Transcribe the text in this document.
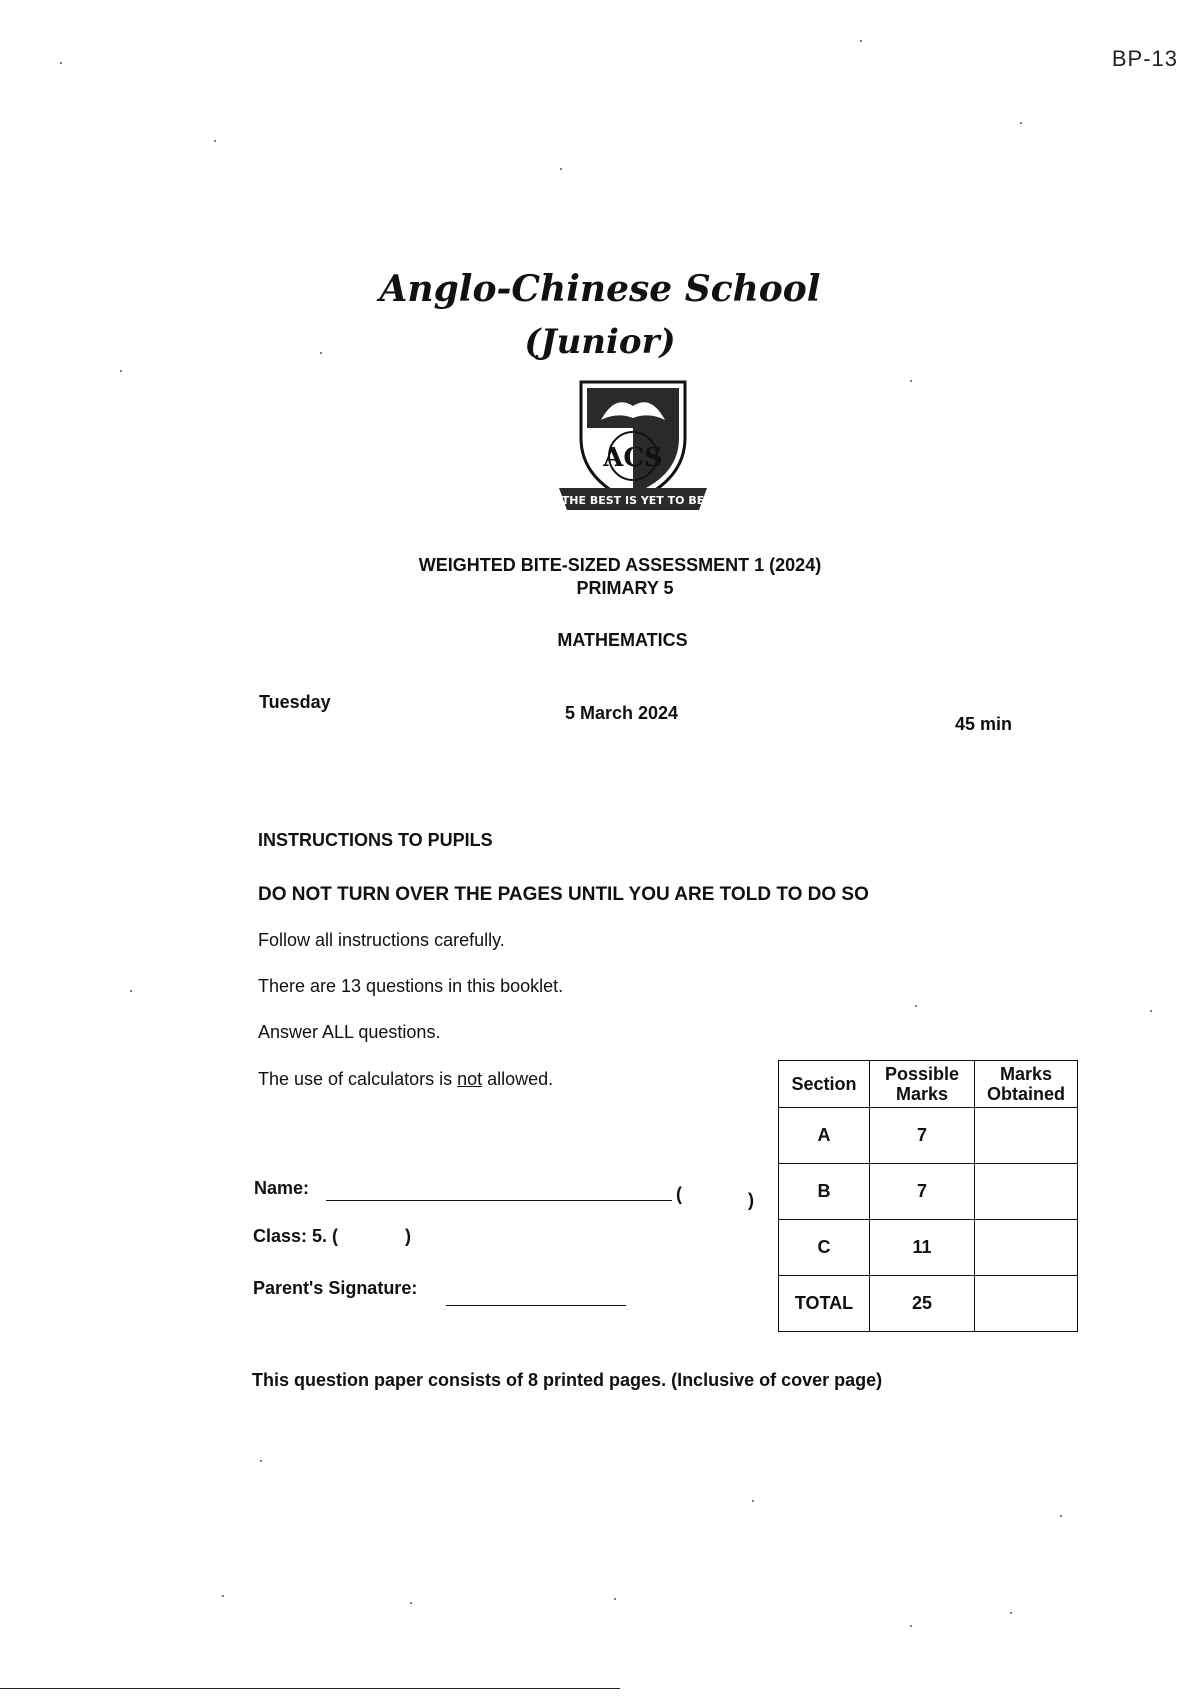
BP-13
Anglo-Chinese School
(Junior)
ACS
THE BEST IS YET TO BE
WEIGHTED BITE-SIZED ASSESSMENT 1 (2024)
PRIMARY 5
MATHEMATICS
Tuesday
5 March 2024
45 min
INSTRUCTIONS TO PUPILS
DO NOT TURN OVER THE PAGES UNTIL YOU ARE TOLD TO DO SO
Follow all instructions carefully.
There are 13 questions in this booklet.
Answer ALL questions.
The use of calculators is not allowed.
Name:	(	)
Class: 5. (	)
Parent's Signature:
Section	Possible Marks	Marks Obtained
A	7	
B	7	
C	11	
TOTAL	25	
This question paper consists of 8 printed pages. (Inclusive of cover page)
